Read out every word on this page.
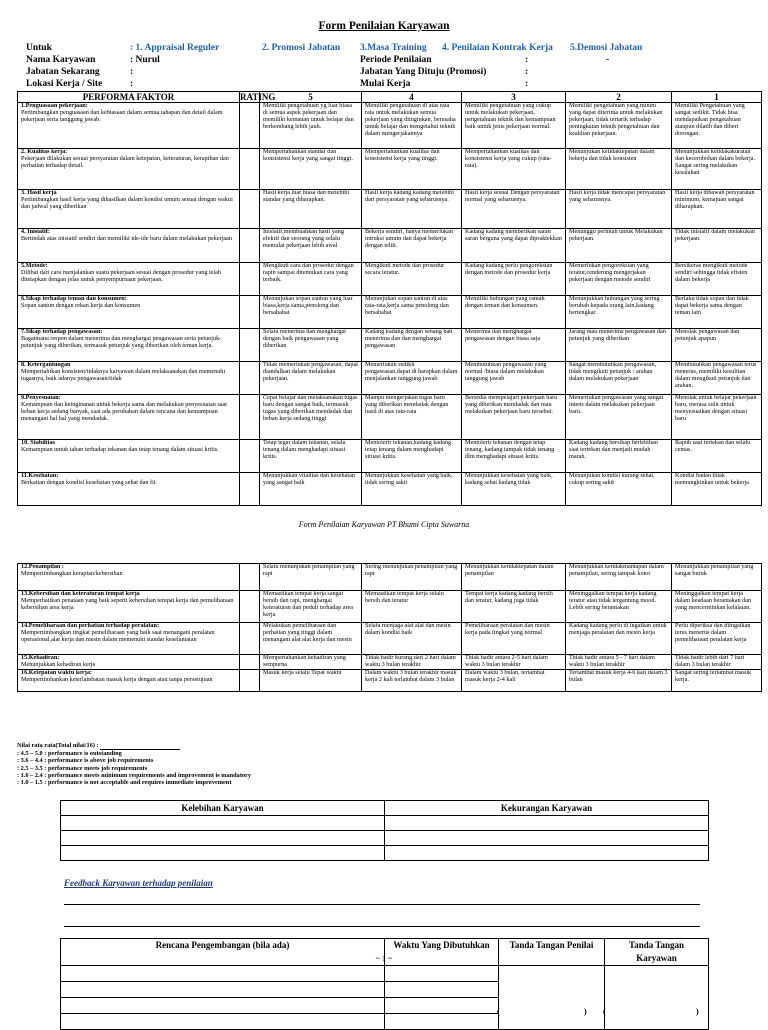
Form Penilaian Karyawan
Untuk	: 1. Appraisal Reguler	2. Promosi Jabatan 3.Masa Training 4. Penilaian Kontrak Kerja 5.Demosi Jabatan
Nama Karyawan	: Nurul
Jabatan Sekarang	:
Lokasi Kerja / Site	:
Periode Penilaian	:	-
Jabatan Yang Dituju (Promosi)	:
Mulai Kerja	:
PERFORMA FAKTOR	RATING	5	4	3	2	1

1.Penguasaan pekerjaan:
Pertimbangkan penguasaan dan kebiasaan dalam semua tahapan dan detail dalam pekerjaan serta tanggung jawab.		Memiliki pengetahuan yg luar biasa di semua aspek pekerjaan dan memiliki kemauan untuk belajar dan berkembang lebih jauh.	Memiliki pengetahuan di atas rata rata untuk melakukan semua pekerjaan yang diinginkan, berusaha untuk belajar dan mengetahui teknik dalam mengerjakannya	Memiliki pengetahuan yang cukup untuk melakukan pekerjaan, pengetahuan teknik dan kemampuan baik untuk jenis pekerjaan normal.	Memiliki pengetahuan yang minim yang dapat diterima untuk melakukan pekerjaan, tidak tertarik terhadap peningkatan teknik pengetahuan dan keahlian pekerjaan.	Memiliki Pengetahuan yang sangat sedikit. Tidak bisa mendapatkan pengetahuan ataupun dilatih dan diberi dorongan.

2. Kualitas kerja:
Pekerjaan dilakukan sesuai persyaratan dalam ketepatan, keteraturan, kerapihan dan perhatian terhadap detail.		Mempertahankan standar dan konsistensi kerja yang sangat tinggi.	Mempertahankan kualitas dan konsistensi kerja yang tinggi.	Mempertahankan kualitas dan konsistensi kerja yang cukup (rata-rata).	Menunjukan ketidaktepatan dalam bekerja dan tidak konsisten	Menunjukkan ketidakakuratan dan kecerobohan dalam bekerja. Sangat sering melakukan kesalahan

3. Hasil kerja
Pertimbangkan hasil kerja yang dihasilkan dalam kondisi umum sesuai dengan waktu dan jadwal yang diberikan		Hasil kerja luar biasa dan melebihi standar yang diharapkan.	Hasil kerja kadang kadang melebihi dari persyaratan yang seharusnya.	Hasil kerja sesuai Dengan persyaratan normal yang seharusnya.	Hasil kerja tidak mencapai persyaratan yang seharusnya.	Hasil kerja dibawah persyaratan minimum, kemajuan sangat diharapkan.

4. Inisiatif:
Bertindak atas inisiatif sendiri dan memiliki ide-ide baru dalam melakukan pekerjaan		Inisiatif,membuahkan hasil yang efektif dan seorang yang selalu memulai pekerjaan lebih awal	Bekerja sendiri, hanya memerlukan intruksi umum dan dapat bekerja dengan teliti.	Kadang kadang memberikan saran saran berguna yang dapat dipraktekkan	Menunggu perintah untuk Melakukan pekerjaan.	Tidak inisiatif dalam melakukan pekerjaan.

5.Metode:
Dilihat dari cara menjalankan suatu pekerjaan sesuai dengan prosedur yang telah ditetapkan dengan jelas untuk penyempurnaan pekerjaan.		Mengikuti cara dan prosedur dengan rapin sampai ditemukan cara yang terbaik.	Mengikuti metode dan prosedur secara teratur.	Kadang kadang perlu pengoreksian dengan metode dan prosedur kerja	Memerlukan pengoreksian yang teratur,cenderung mengerjakan pekerjaan dengan metode sendiri	Bersikeras mengikuti metode sendiri sehingga tidak efisien dalam bekerja

6.Sikap terhadap teman dan konsumen:
Sopan santun dengan rekan kerja dan konsumen		Menunjukan sopan santun yang luar biasa,kerja sama,penolong dan bersahabat	Menunjukan sopan santun di atas rata-rata,kerja sama penolong dan bersahabat	Memiliki hubungan yang ramah dengan teman dan konsumen.	Menunjukkan hubungan yang sering berubah kepada orang lain,kadang bertengkar.	Berlaku tidak sopan dan tidak dapat bekerja sama dengan teman lain

7.Sikap terhadap pengawasan:
Bagaimana respon dalam menerima dan menghargai pengawasan serta petunjuk-petunjuk yang diberikan, termasuk petunjuk yang diberikan oleh teman kerja.		Selalu menerima dan menghargai dengan baik pengawasan yang diberikan	Kadang kadang dengan senang hati menerima dan dan menghargai pengawasan	Menerima dan menghargai pengawasan dengan biasa saja	Jarang mau menerima pengawasan dan petunjuk yang diberikan	Menolak pengawasan dan petunjuk apapun

8. Ketergantungan
Mempertahikan konsisten/tidaknya karyawan dalam melaksanakan dan memenuhi tugasnya, baik adanya pengawasan/tidak		Tidak memerlukan pengawasan, dapat diandalkan dalam melakukan pekerjaan.	Memerlukan sedikit pengawasan,dapat di harapkan dalam menjalankan tanggung jawab	Membutuhkan pengawasan yang normal /biasa dalam melakukan tanggung jawab	Sangat membutuhkan pengawasan, tidak mengikuti petunjuk / arahan dalam melakukan pekerjaan	Membutuhkan pengawasan terus menerus, memiliki kesulitan dalam mengikuti petunjuk dan arahan.

9.Penyesuaian:
Kemampuan dan keinginanan untuk bekerja sama dan melakukan penyesuaian saat beban kerja sedang banyak, saat ada perubahan dalam rencana dan kemampuan menangani hal hal yang mendadak.		Cepat belajar dan melaksanakan tugas baru dengan sangat baik, termasuk tugas yang diberikan mendadak dan beban kerja sedang tinggi	Mampu mengerjakan tugas baru yang diberikan mendadak dengan hasil di atas rata-rata	Bersedia mempelajari pekerjaan baru yang diberikan mendadak dan mau melakukan pekerjaan baru tersebut.	Memerlukan pengawasan yang sangat intens dalam melakukan pekerjaan baru.	Menolak untuk belajar pekerjaan baru, merasa sulit untuk menyesuaikan dengan situasi baru

10. Stabilitas
Kemampuan untuk tahan terhadap tekanan dan tetap tenang dalam situasi kritis.		Tetap tegar dalam tekanan, selalu tenang dalam menghadapi situasi kritis.	Mentolerir tekanan,kadang kadang tetap tenang dalam menghadapi situasi kritis.	Mentolerir tekanan dengan tetap tenang, kadang tampak tidak tenang dlm menghadapi situasi kritis.	Kadang kadang bersikap berlebihan saat tertekan dan menjadi mudah marah.	Rapuh saat tertekan dan selalu cemas.

11.Kesehatan:
Berkaitan dengan kondisi kesehatan yang sehat dan fit		Menunjukkan vitalitas dan kesehatan yang sangat baik	Menunjukkan kesehatan yang baik, tidak sering sakit	Menunjukkan kesehatan yang baik, kadang sehat kadang tidak	Menunjukan kondisi kurang sehat, cukup sering sakit	Kondisi badan tidak memungkinkan untuk bekerja
~ 1 ~
Form Penilaian Karyawan PT Bhumi Cipta Suwarna
12.Penampilan :
Mempertimbangkan kerapian/kebersihan		Selalu menunjukan penampilan yang rapi	Sering menunjukan penampilan yang rapi	Menunjukkan ketidaktepatan dalam penampilan	Menunjukkan ketidakmantapan dalam penampilan, sering tampak kotor	Menunjukkan penampilan yang sangat buruk

13.Kebersihan dan keteraturan tempat kerja
Memperhatikan penataan yang baik seperti kebersihan tempat kerja dan pemeliharaan kebersihan area kerja		Memastikan tempat kerja sangat bersih dan rapi, menghargai keteraturan dan peduli terhadap area kerja	Memastikan tempat kerja selalu bersih dan teratur	Tempat kerja kadang kadang bersih dan teratur, kadang juga tidak	Meninggalkan tempat kerja kadang teratur atau tidak tergantung mood. Lebih sering berantakan	Meninggalkan tempat kerja dalam keadaan berantakan dan yang mencerminkan kelalaian.

14.Pemeliharaan dan perhatian terhadap peralatan:
Mempertimbangkan tingkat pemeliharaan yang baik saat menangani peralatan operasional,alat kerja dan mesin dalam memenuhi standar keselamatan		Melakukan pemeliharaan dan perhatian yang tinggi dalam menangani alat alat kerja dan mesin	Selalu menjaga alat alat dan mesin dalam kondisi baik	Pemeliharaan peralatan dan mesin kerja pada tingkat yang normal	Kadang kadang perlu di ingatkan untuk menjaga peralatan dan mesin kerja	Perlu diperiksa dan diingatkan terus menerus dalam pemeliharaan peralatan kerja

15.Kehadiran:
Menunjukkan kehadiran kerja		Mempertahankan kehadiran yang sempurna	Tidak hadir kurang dari 2 hari dalam waktu 3 bulan terakhir	Tidak hadir antara 2-5 hari dalam waktu 3 bulan terakhir	Tidak hadir antara 5 - 7 hari dalam waktu 3 bulan terakhir	Tidak hadir lebih dari 7 hari dalam 3 bulan terakhir

16.Ketepatan waktu kerja:
Mempertimbankan keterlambatan masuk kerja dengan atau tanpa persetujuan		Masuk kerja selalu Tepat waktu	Dalam waktu 3 bulan terakhir masuk kerja 2 kali terlambat dalam 3 bulan	Dalam waktu 3 bulan, terlambat masuk kerja 2-4 kali	Terlambat masuk kerja 4-6 kali dalam 3 bulan	Sangat sering terlambat masuk kerja.
Nilai rata rata(Total nilai/16) :
: 4.5 – 5.0 : performance is outstanding
: 3.6 – 4.4 : performance is above job requirements
: 2.5 – 3.5 : performance meets job requirements
: 1.6 – 2.4 : performance meets minimum requirements and improvement is mandatory
: 1.0 – 1.5 : performance is not acceptable and requires immediate improvement
Kelebihan Karyawan	Kekurangan Karyawan

Feedback Karyawan terhadap penilaian
Rencana Pengembangan (bila ada)	Waktu Yang Dibutuhkan	Tanda Tangan Penilai	Tanda Tangan Karyawan

(	) (	)
